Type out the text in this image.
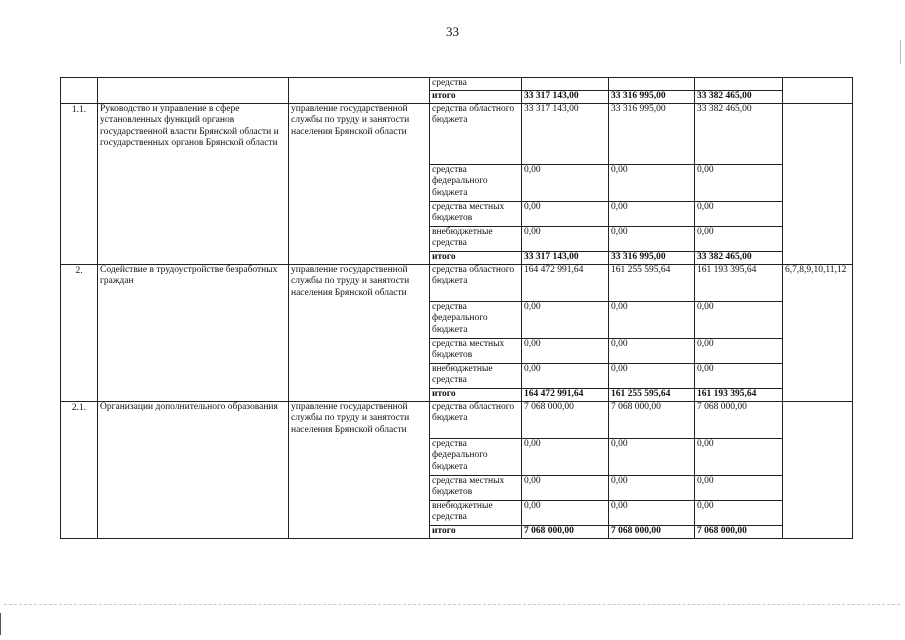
33
			средства				
			итого	33 317 143,00	33 316 995,00	33 382 465,00	
1.1.	Руководство и управление в сфере установленных функций органов государственной власти Брянской области и государственных органов Брянской области	управление государственной службы по труду и занятости населения Брянской области	средства областного бюджета	33 317 143,00	33 316 995,00	33 382 465,00	
			средства федерального бюджета	0,00	0,00	0,00	
			средства местных бюджетов	0,00	0,00	0,00	
			внебюджетные средства	0,00	0,00	0,00	
			итого	33 317 143,00	33 316 995,00	33 382 465,00	
2.	Содействие в трудоустройстве безработных граждан	управление государственной службы по труду и занятости населения Брянской области	средства областного бюджета	164 472 991,64	161 255 595,64	161 193 395,64	6,7,8,9,10,11,12
			средства федерального бюджета	0,00	0,00	0,00	
			средства местных бюджетов	0,00	0,00	0,00	
			внебюджетные средства	0,00	0,00	0,00	
			итого	164 472 991,64	161 255 595,64	161 193 395,64	
2.1.	Организации дополнительного образования	управление государственной службы по труду и занятости населения Брянской области	средства областного бюджета	7 068 000,00	7 068 000,00	7 068 000,00	
			средства федерального бюджета	0,00	0,00	0,00	
			средства местных бюджетов	0,00	0,00	0,00	
			внебюджетные средства	0,00	0,00	0,00	
			итого	7 068 000,00	7 068 000,00	7 068 000,00	
